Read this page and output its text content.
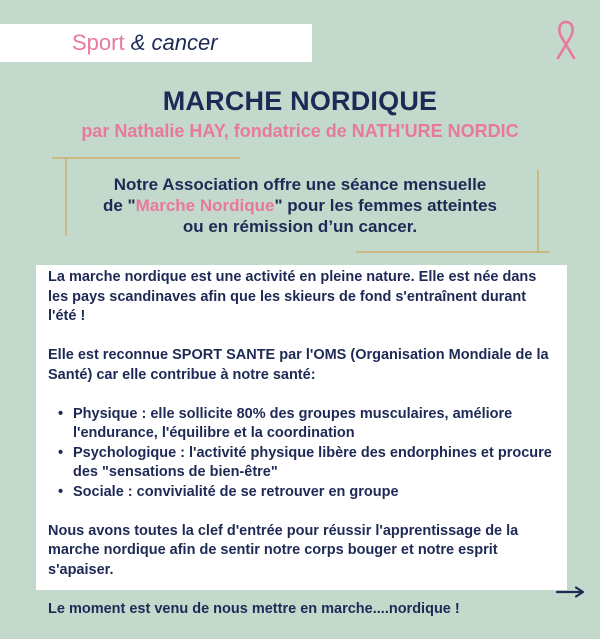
Sport & cancer
MARCHE NORDIQUE
par Nathalie HAY, fondatrice de NATH'URE NORDIC
Notre Association offre une séance mensuelle
de "Marche Nordique" pour les femmes atteintes
ou en rémission d’un cancer.

La marche nordique est une activité en pleine nature. Elle est née dans les pays scandinaves afin que les skieurs de fond s'entraînent durant l'été !

Elle est reconnue SPORT SANTE par l'OMS (Organisation Mondiale de la Santé) car elle contribue à notre santé:

• Physique : elle sollicite 80% des groupes musculaires, améliore l'endurance, l'équilibre et la coordination
• Psychologique : l'activité physique libère des endorphines et procure des "sensations de bien-être"
• Sociale : convivialité de se retrouver en groupe

Nous avons toutes la clef d'entrée pour réussir l'apprentissage de la marche nordique afin de sentir notre corps bouger et notre esprit s'apaiser.

Le moment est venu de nous mettre en marche....nordique !
